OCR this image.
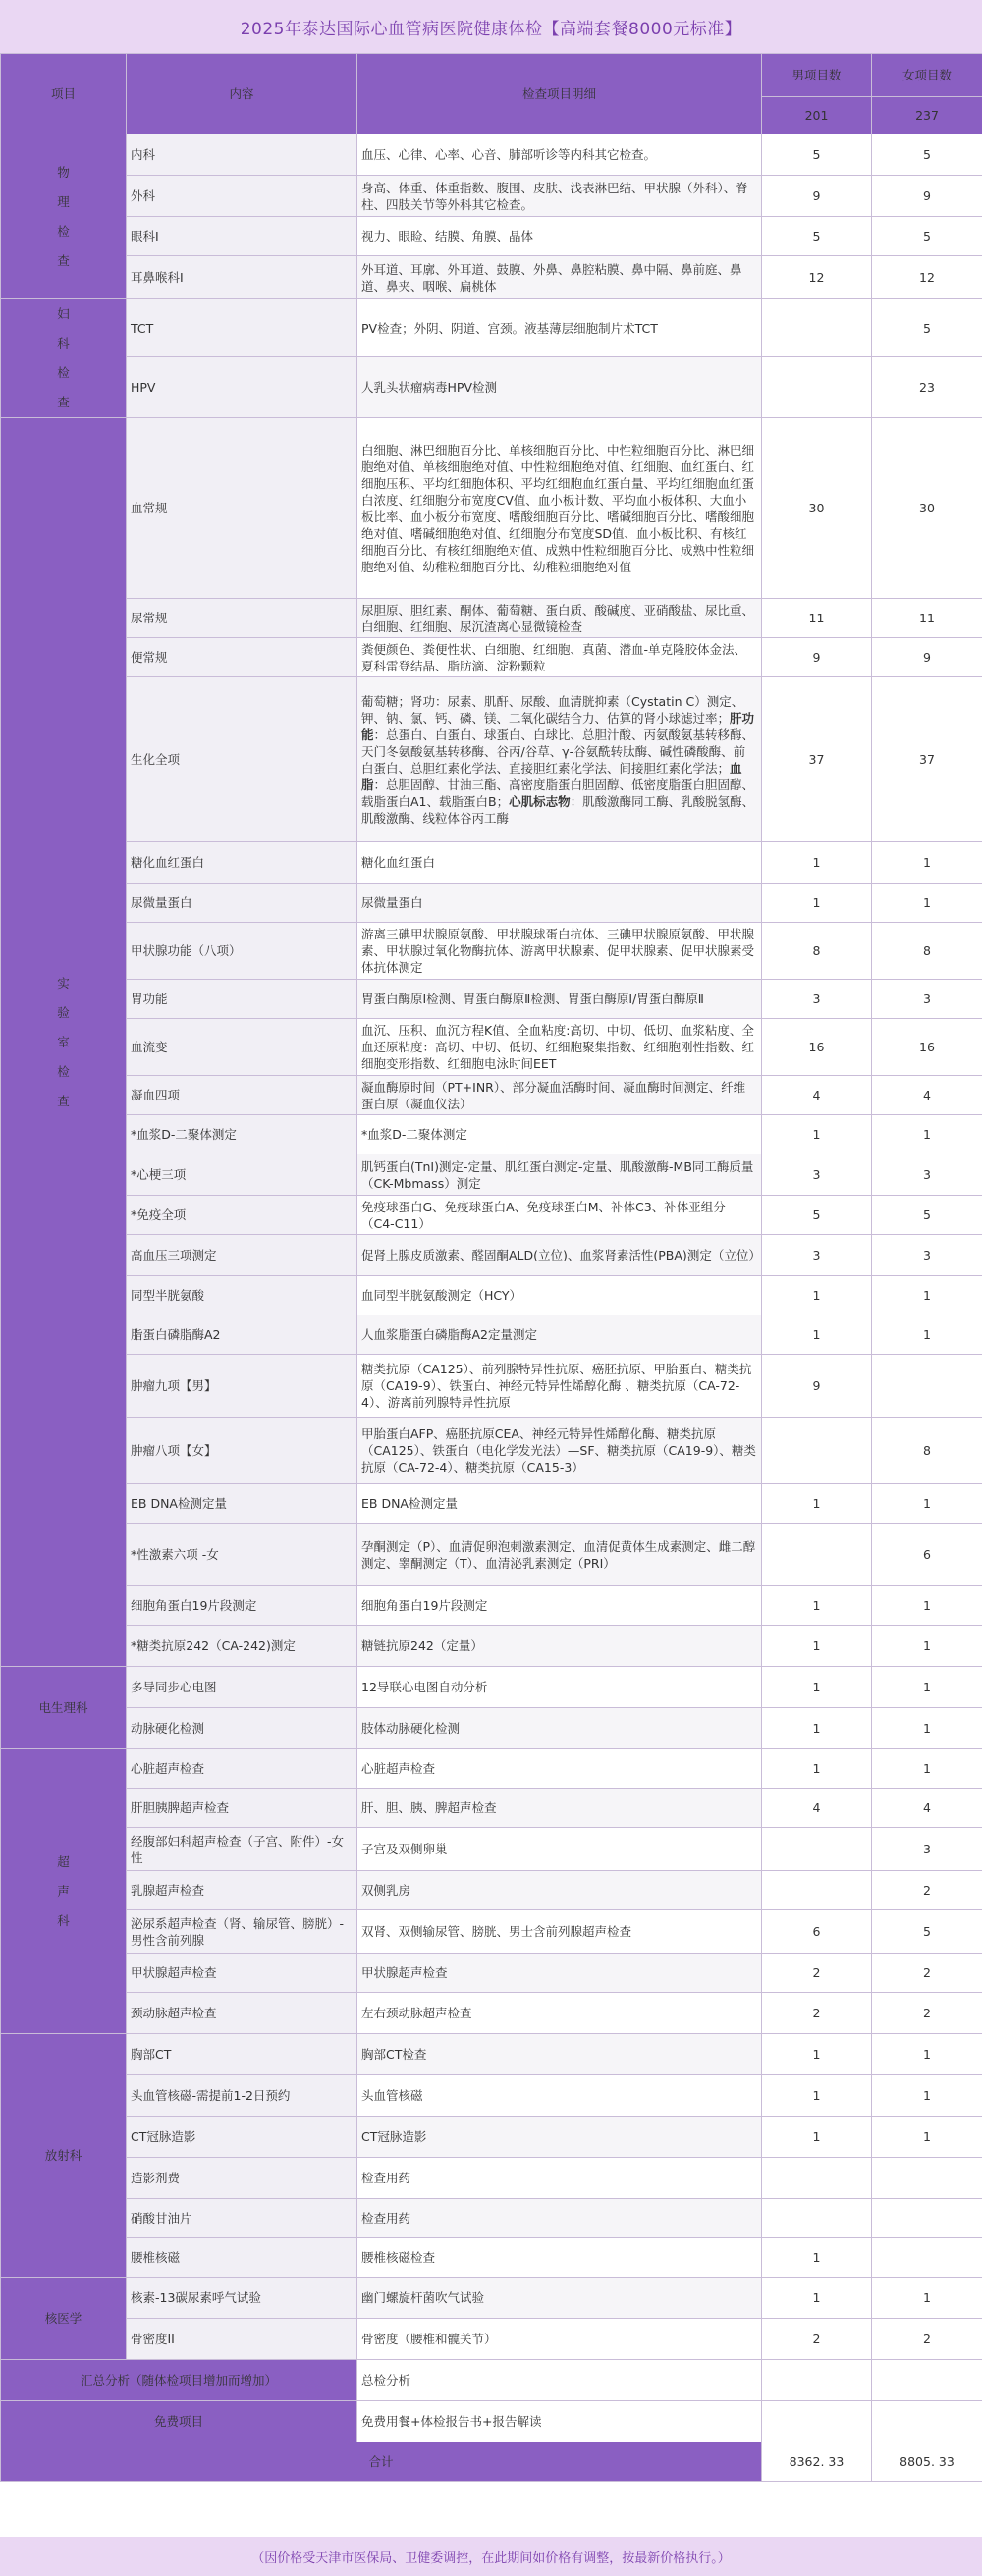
2025年泰达国际心血管病医院健康体检【高端套餐8000元标准】
项目	内容	检查项目明细	男项目数	女项目数
			201	237
物理检查	内科	血压、心律、心率、心音、肺部听诊等内科其它检查。	5	5
	外科	身高、体重、体重指数、腹围、皮肤、浅表淋巴结、甲状腺（外科）、脊柱、四肢关节等外科其它检查。	9	9
	眼科I	视力、眼睑、结膜、角膜、晶体	5	5
	耳鼻喉科I	外耳道、耳廓、外耳道、鼓膜、外鼻、鼻腔粘膜、鼻中隔、鼻前庭、鼻道、鼻夹、咽喉、扁桃体	12	12
妇科检查	TCT	PV检查；外阴、阴道、宫颈。液基薄层细胞制片术TCT		5
	HPV	人乳头状瘤病毒HPV检测		23
实验室检查	血常规	白细胞、淋巴细胞百分比、单核细胞百分比、中性粒细胞百分比、淋巴细胞绝对值、单核细胞绝对值、中性粒细胞绝对值、红细胞、血红蛋白、红细胞压积、平均红细胞体积、平均红细胞血红蛋白量、平均红细胞血红蛋白浓度、红细胞分布宽度CV值、血小板计数、平均血小板体积、大血小板比率、血小板分布宽度、嗜酸细胞百分比、嗜碱细胞百分比、嗜酸细胞绝对值、嗜碱细胞绝对值、红细胞分布宽度SD值、血小板比积、有核红细胞百分比、有核红细胞绝对值、成熟中性粒细胞百分比、成熟中性粒细胞绝对值、幼稚粒细胞百分比、幼稚粒细胞绝对值	30	30
	尿常规	尿胆原、胆红素、酮体、葡萄糖、蛋白质、酸碱度、亚硝酸盐、尿比重、白细胞、红细胞、尿沉渣离心显微镜检查	11	11
	便常规	粪便颜色、粪便性状、白细胞、红细胞、真菌、潜血-单克隆胶体金法、夏科雷登结晶、脂肪滴、淀粉颗粒	9	9
	生化全项	葡萄糖；肾功：尿素、肌酐、尿酸、血清胱抑素（Cystatin C）测定、钾、钠、氯、钙、磷、镁、二氧化碳结合力、估算的肾小球滤过率；肝功能：总蛋白、白蛋白、球蛋白、白球比、总胆汁酸、丙氨酸氨基转移酶、天门冬氨酸氨基转移酶、谷丙/谷草、γ-谷氨酰转肽酶、碱性磷酸酶、前白蛋白、总胆红素化学法、直接胆红素化学法、间接胆红素化学法；血脂：总胆固醇、甘油三酯、高密度脂蛋白胆固醇、低密度脂蛋白胆固醇、载脂蛋白A1、载脂蛋白B；心肌标志物：肌酸激酶同工酶、乳酸脱氢酶、肌酸激酶、线粒体谷丙工酶	37	37
	糖化血红蛋白	糖化血红蛋白	1	1
	尿微量蛋白	尿微量蛋白	1	1
	甲状腺功能（八项）	游离三碘甲状腺原氨酸、甲状腺球蛋白抗体、三碘甲状腺原氨酸、甲状腺素、甲状腺过氧化物酶抗体、游离甲状腺素、促甲状腺素、促甲状腺素受体抗体测定	8	8
	胃功能	胃蛋白酶原Ⅰ检测、胃蛋白酶原Ⅱ检测、胃蛋白酶原Ⅰ/胃蛋白酶原Ⅱ	3	3
	血流变	血沉、压积、血沉方程K值、全血粘度:高切、中切、低切、血浆粘度、全血还原粘度：高切、中切、低切、红细胞聚集指数、红细胞刚性指数、红细胞变形指数、红细胞电泳时间EET	16	16
	凝血四项	凝血酶原时间（PT+INR）、部分凝血活酶时间、凝血酶时间测定、纤维蛋白原（凝血仪法）	4	4
	*血浆D-二聚体测定	*血浆D-二聚体测定	1	1
	*心梗三项	肌钙蛋白(TnI)测定-定量、肌红蛋白测定-定量、肌酸激酶-MB同工酶质量（CK-Mbmass）测定	3	3
	*免疫全项	免疫球蛋白G、免疫球蛋白A、免疫球蛋白M、补体C3、补体亚组分（C4-C11）	5	5
	高血压三项测定	促肾上腺皮质激素、醛固酮ALD(立位)、血浆肾素活性(PBA)测定（立位）	3	3
	同型半胱氨酸	血同型半胱氨酸测定（HCY）	1	1
	脂蛋白磷脂酶A2	人血浆脂蛋白磷脂酶A2定量测定	1	1
	肿瘤九项【男】	糖类抗原（CA125）、前列腺特异性抗原、癌胚抗原、甲胎蛋白、糖类抗原（CA19-9）、铁蛋白、神经元特异性烯醇化酶 、糖类抗原（CA-72-4）、游离前列腺特异性抗原	9	
	肿瘤八项【女】	甲胎蛋白AFP、癌胚抗原CEA、神经元特异性烯醇化酶、糖类抗原（CA125）、铁蛋白（电化学发光法）—SF、糖类抗原（CA19-9）、糖类抗原（CA-72-4）、糖类抗原（CA15-3）		8
	EB DNA检测定量	EB DNA检测定量	1	1
	*性激素六项 -女	孕酮测定（P）、血清促卵泡刺激素测定、血清促黄体生成素测定、雌二醇测定、睾酮测定（T）、血清泌乳素测定（PRI）		6
	细胞角蛋白19片段测定	细胞角蛋白19片段测定	1	1
	*糖类抗原242（CA-242)测定	糖链抗原242（定量）	1	1
电生理科	多导同步心电图	12导联心电图自动分析	1	1
	动脉硬化检测	肢体动脉硬化检测	1	1
超声科	心脏超声检查	心脏超声检查	1	1
	肝胆胰脾超声检查	肝、胆、胰、脾超声检查	4	4
	经腹部妇科超声检查（子宫、附件）-女性	子宫及双侧卵巢		3
	乳腺超声检查	双侧乳房		2
	泌尿系超声检查（肾、输尿管、膀胱）-男性含前列腺	双肾、双侧输尿管、膀胱、男士含前列腺超声检查	6	5
	甲状腺超声检查	甲状腺超声检查	2	2
	颈动脉超声检查	左右颈动脉超声检查	2	2
放射科	胸部CT	胸部CT检查	1	1
	头血管核磁-需提前1-2日预约	头血管核磁	1	1
	CT冠脉造影	CT冠脉造影	1	1
	造影剂费	检查用药		
	硝酸甘油片	检查用药		
	腰椎核磁	腰椎核磁检查	1	
核医学	核素-13碳尿素呼气试验	幽门螺旋杆菌吹气试验	1	1
	骨密度II	骨密度（腰椎和髋关节）	2	2
汇总分析（随体检项目增加而增加）		总检分析		
免费项目		免费用餐+体检报告书+报告解读		
合计			8362. 33	8805. 33
（因价格受天津市医保局、卫健委调控，在此期间如价格有调整，按最新价格执行。）
